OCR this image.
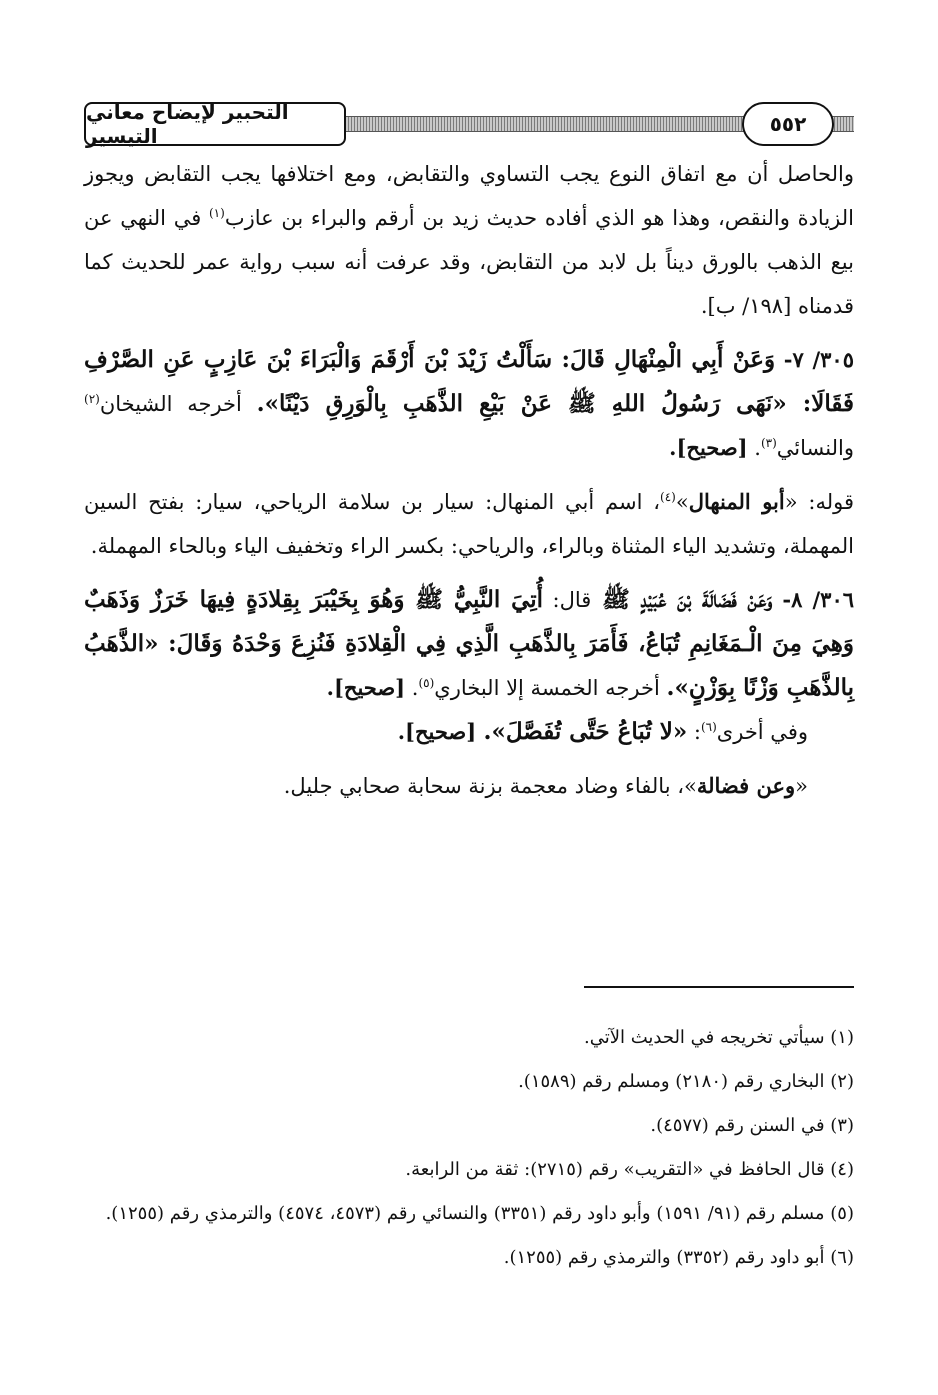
التحبير لإيضاح معاني التيسير	٥٥٢

والحاصل أن مع اتفاق النوع يجب التساوي والتقابض، ومع اختلافها يجب التقابض ويجوز الزيادة والنقص، وهذا هو الذي أفاده حديث زيد بن أرقم والبراء بن عازب$^{(١)}$ في النهي عن بيع الذهب بالورق ديناً بل لابد من التقابض، وقد عرفت أنه سبب رواية عمر للحديث كما قدمناه [١٩٨/ ب].

٣٠٥/ ٧- وَعَنْ أَبِي الْمِنْهَالِ قَالَ: سَأَلْتُ زَيْدَ بْنَ أَرْقَمَ وَالْبَرَاءَ بْنَ عَازِبٍ عَنِ الصَّرْفِ فَقَالَا: «نَهَى رَسُولُ اللهِ ﷺ عَنْ بَيْعِ الذَّهَبِ بِالْوَرِقِ دَيْنًا». أخرجه الشيخان$^{(٢)}$ والنسائي$^{(٣)}$. [صحيح].

قوله: «أبو المنهال»$^{(٤)}$، اسم أبي المنهال: سيار بن سلامة الرياحي، سيار: بفتح السين المهملة، وتشديد الياء المثناة وبالراء، والرياحي: بكسر الراء وتخفيف الياء وبالحاء المهملة.

٣٠٦/ ٨- وَعَنْ فَضَالَةَ بْنَ عُبَيْدٍ ﷺ قال: أُتِيَ النَّبِيُّ ﷺ وَهُوَ بِخَيْبَرَ بِقِلادَةٍ فِيهَا خَرَزٌ وَذَهَبٌ وَهِيَ مِنَ الْـمَغَانِمِ تُبَاعُ، فَأَمَرَ بِالذَّهَبِ الَّذِي فِي الْقِلادَةِ فَنُزِعَ وَحْدَهُ وَقَالَ: «الذَّهَبُ بِالذَّهَبِ وَزْنًا بِوَزْنٍ». أخرجه الخمسة إلا البخاري$^{(٥)}$. [صحيح].

وفي أخرى$^{(٦)}$: «لا تُبَاعُ حَتَّى تُفَصَّلَ». [صحيح].

«وعن فضالة»، بالفاء وضاد معجمة بزنة سحابة صحابي جليل.

(١) سيأتي تخريجه في الحديث الآتي.

(٢) البخاري رقم (٢١٨٠) ومسلم رقم (١٥٨٩).

(٣) في السنن رقم (٤٥٧٧).

(٤) قال الحافظ في «التقريب» رقم (٢٧١٥): ثقة من الرابعة.

(٥) مسلم رقم (٩١/ ١٥٩١) وأبو داود رقم (٣٣٥١) والنسائي رقم (٤٥٧٣، ٤٥٧٤) والترمذي رقم (١٢٥٥).

(٦) أبو داود رقم (٣٣٥٢) والترمذي رقم (١٢٥٥).
